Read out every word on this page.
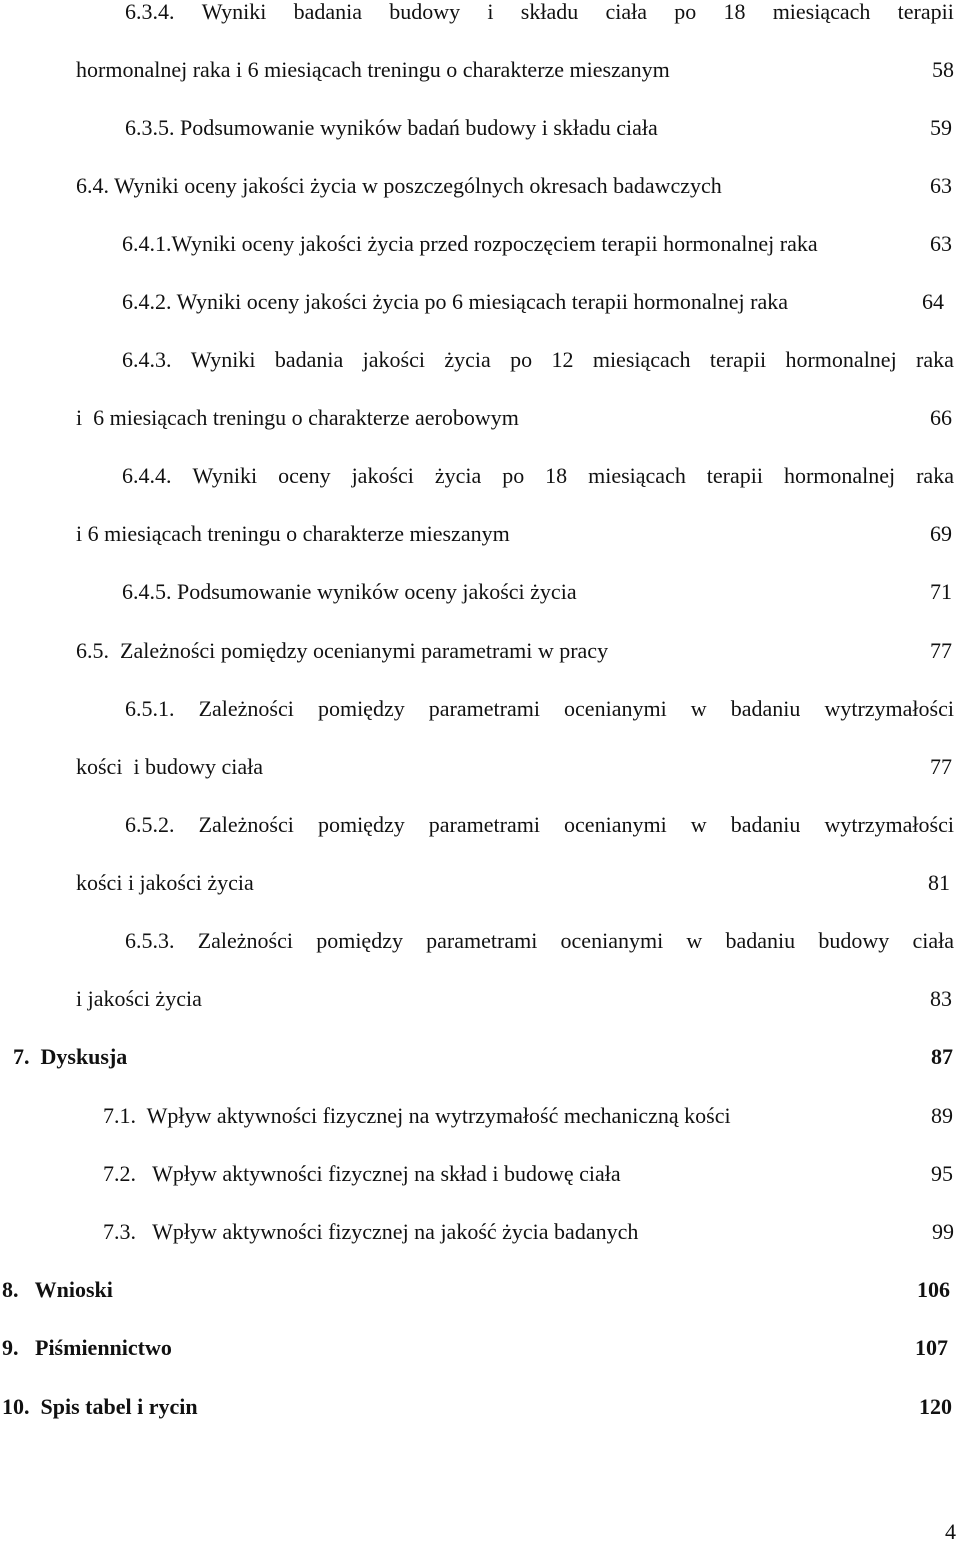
6.3.4. Wyniki badania budowy i składu ciała po 18 miesiącach terapii
hormonalnej raka i 6 miesiącach treningu o charakterze mieszanym	58
6.3.5. Podsumowanie wyników badań budowy i składu ciała	59
6.4. Wyniki oceny jakości życia w poszczególnych okresach badawczych	63
6.4.1.Wyniki oceny jakości życia przed rozpoczęciem terapii hormonalnej raka	63
6.4.2. Wyniki oceny jakości życia po 6 miesiącach terapii hormonalnej raka	64
6.4.3. Wyniki badania jakości życia po 12 miesiącach terapii hormonalnej raka
i  6 miesiącach treningu o charakterze aerobowym	66
6.4.4. Wyniki oceny jakości życia po 18 miesiącach terapii hormonalnej raka
i 6 miesiącach treningu o charakterze mieszanym	69
6.4.5. Podsumowanie wyników oceny jakości życia	71
6.5.  Zależności pomiędzy ocenianymi parametrami w pracy	77
6.5.1. Zależności pomiędzy parametrami ocenianymi w badaniu wytrzymałości
kości  i budowy ciała	77
6.5.2. Zależności pomiędzy parametrami ocenianymi w badaniu wytrzymałości
kości i jakości życia	81
6.5.3. Zależności pomiędzy parametrami ocenianymi w badaniu budowy ciała
i jakości życia	83
7.  Dyskusja	87
7.1.  Wpływ aktywności fizycznej na wytrzymałość mechaniczną kości	89
7.2.   Wpływ aktywności fizycznej na skład i budowę ciała	95
7.3.   Wpływ aktywności fizycznej na jakość życia badanych	99
8.   Wnioski	106
9.   Piśmiennictwo	107
10.  Spis tabel i rycin	120
4
